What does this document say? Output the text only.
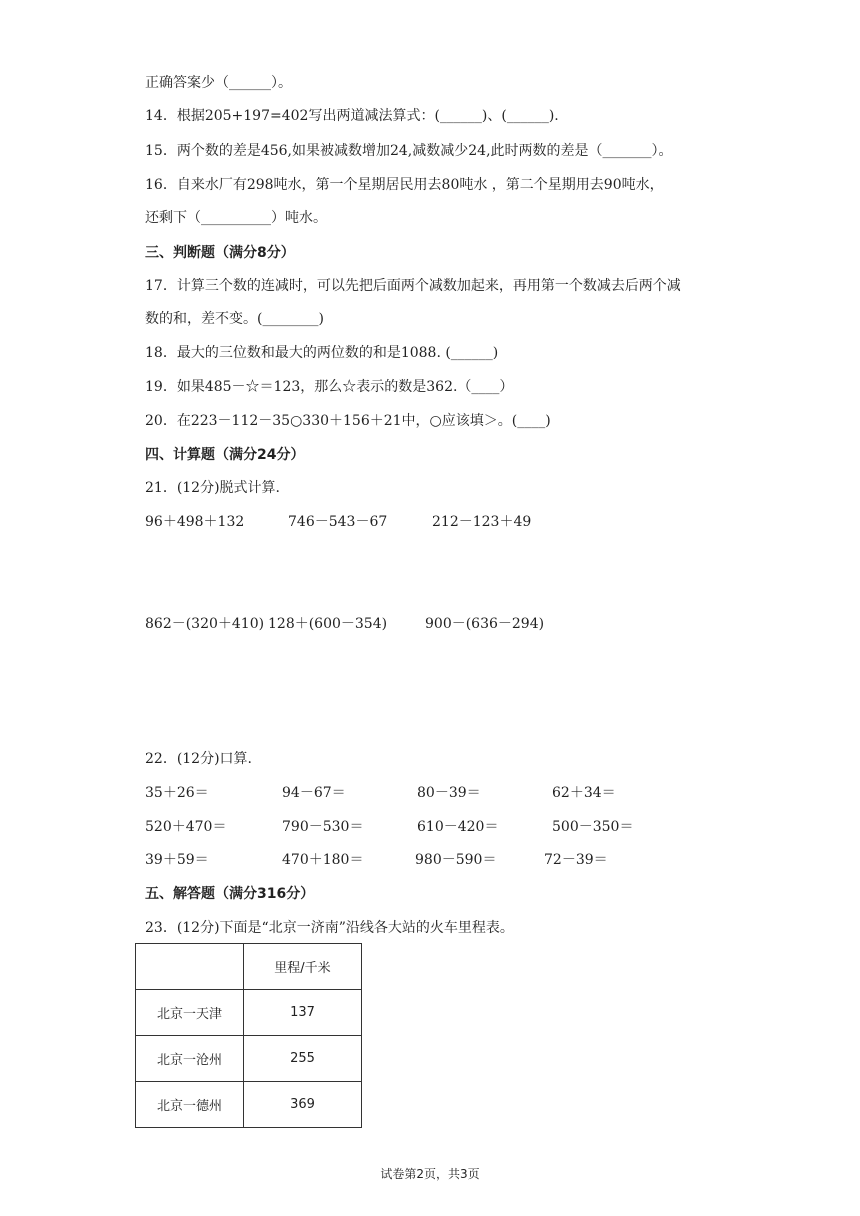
正确答案少（______）。
14．根据205+197=402写出两道减法算式：(______)、(______).
15．两个数的差是456,如果被减数增加24,减数减少24,此时两数的差是（_______）。
16．自来水厂有298吨水，第一个星期居民用去80吨水 ，第二个星期用去90吨水，
还剩下（__________）吨水。
三、判断题（满分8分）
17．计算三个数的连减时，可以先把后面两个减数加起来，再用第一个数减去后两个减
数的和，差不变。(________)
18．最大的三位数和最大的两位数的和是1088. (______)
19．如果485－☆＝123，那么☆表示的数是362.（____）
20．在223－112－35○330＋156＋21中，○应该填＞。(____)
四、计算题（满分24分）
21．(12分)脱式计算.
96＋498＋132	746－543－67	212－123＋49
862－(320＋410) 128＋(600－354)	900－(636－294)
22．(12分)口算.
35＋26＝	94－67＝	80－39＝	62＋34＝
520＋470＝	790－530＝	610－420＝	500－350＝
39＋59＝	470＋180＝	980－590＝	72－39＝
五、解答题（满分316分）
23．(12分)下面是“北京一济南”沿线各大站的火车里程表。
	里程/千米
北京一天津	137
北京一沧州	255
北京一德州	369
试卷第2页，共3页
